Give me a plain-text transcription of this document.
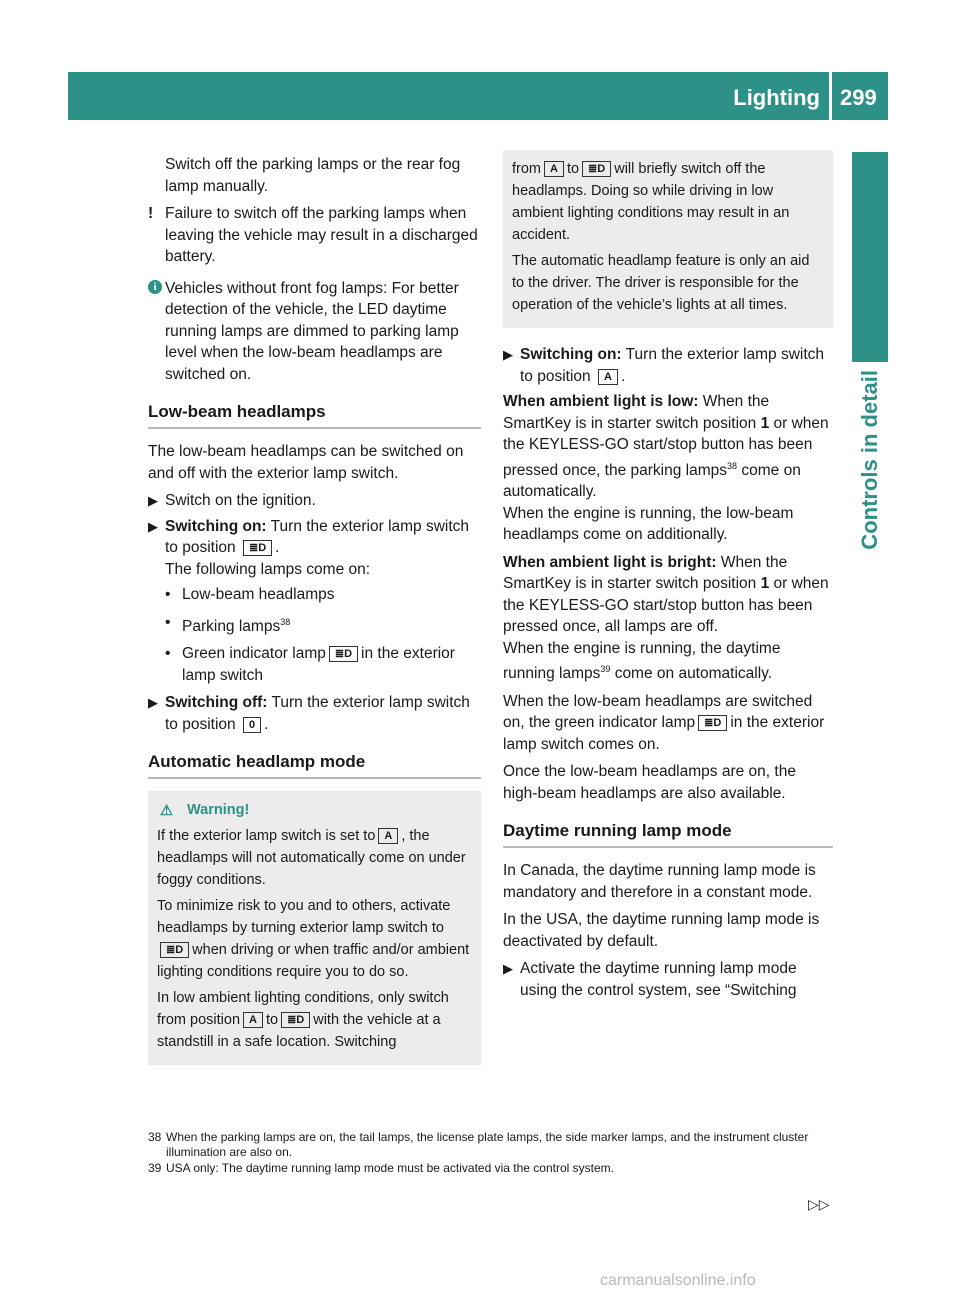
Lighting 299
Controls in detail

Switch off the parking lamps or the rear fog lamp manually.

! Failure to switch off the parking lamps when leaving the vehicle may result in a discharged battery.
i Vehicles without front fog lamps: For better detection of the vehicle, the LED daytime running lamps are dimmed to parking lamp level when the low-beam headlamps are switched on.
Low-beam headlamps

The low-beam headlamps can be switched on and off with the exterior lamp switch.

▶ Switch on the ignition.
▶ Switching on: Turn the exterior lamp switch to position ≣D .
The following lamps come on:
• Low-beam headlamps
• Parking lamps$^{38}$
• Green indicator lamp ≣D in the exterior lamp switch
▶ Switching off: Turn the exterior lamp switch to position 0 .
Automatic headlamp mode
⚠ Warning!

If the exterior lamp switch is set to A , the headlamps will not automatically come on under foggy conditions.

To minimize risk to you and to others, activate headlamps by turning exterior lamp switch to≣D when driving or when traffic and/or ambient lighting conditions require you to do so.

In low ambient lighting conditions, only switch from position A to ≣D with the vehicle at a standstill in a safe location. Switching

from A to ≣D will briefly switch off the headlamps. Doing so while driving in low ambient lighting conditions may result in an accident.

The automatic headlamp feature is only an aid to the driver. The driver is responsible for the operation of the vehicle’s lights at all times.

▶ Switching on: Turn the exterior lamp switch to position A .

When ambient light is low: When the SmartKey is in starter switch position 1 or when the KEYLESS-GO start/stop button has been pressed once, the parking lamps$^{38}$ come on automatically.
When the engine is running, the low-beam headlamps come on additionally.

When ambient light is bright: When the SmartKey is in starter switch position 1 or when the KEYLESS-GO start/stop button has been pressed once, all lamps are off.
When the engine is running, the daytime running lamps$^{39}$ come on automatically.

When the low-beam headlamps are switched on, the green indicator lamp ≣D in the exterior lamp switch comes on.

Once the low-beam headlamps are on, the high-beam headlamps are also available.

Daytime running lamp mode

In Canada, the daytime running lamp mode is mandatory and therefore in a constant mode.

In the USA, the daytime running lamp mode is deactivated by default.

▶ Activate the daytime running lamp mode using the control system, see “Switching
38 When the parking lamps are on, the tail lamps, the license plate lamps, the side marker lamps, and the instrument cluster illumination are also on.
39 USA only: The daytime running lamp mode must be activated via the control system.
▷▷
carmanualsonline.info
